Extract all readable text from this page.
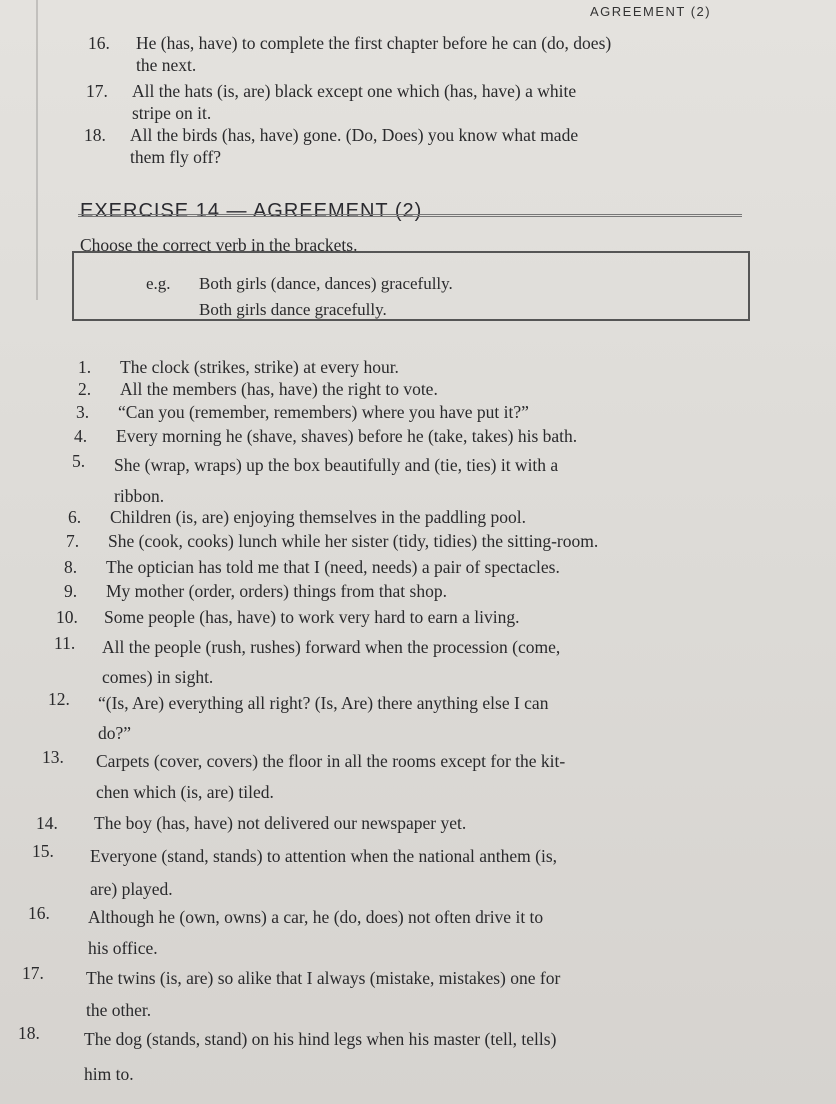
AGREEMENT (2)
16. He (has, have) to complete the first chapter before he can (do, does)
the next.
17. All the hats (is, are) black except one which (has, have) a white
stripe on it.
18. All the birds (has, have) gone. (Do, Does) you know what made
them fly off?
EXERCISE 14 — AGREEMENT (2)
Choose the correct verb in the brackets.
e.g. Both girls (dance, dances) gracefully.
Both girls dance gracefully.
1. The clock (strikes, strike) at every hour.
2. All the members (has, have) the right to vote.
3. “Can you (remember, remembers) where you have put it?”
4. Every morning he (shave, shaves) before he (take, takes) his bath.
5. She (wrap, wraps) up the box beautifully and (tie, ties) it with a
ribbon.
6. Children (is, are) enjoying themselves in the paddling pool.
7. She (cook, cooks) lunch while her sister (tidy, tidies) the sitting-room.
8. The optician has told me that I (need, needs) a pair of spectacles.
9. My mother (order, orders) things from that shop.
10. Some people (has, have) to work very hard to earn a living.
11. All the people (rush, rushes) forward when the procession (come,
comes) in sight.
12. “(Is, Are) everything all right? (Is, Are) there anything else I can
do?”
13. Carpets (cover, covers) the floor in all the rooms except for the kit-
chen which (is, are) tiled.
14. The boy (has, have) not delivered our newspaper yet.
15. Everyone (stand, stands) to attention when the national anthem (is,
are) played.
16. Although he (own, owns) a car, he (do, does) not often drive it to
his office.
17. The twins (is, are) so alike that I always (mistake, mistakes) one for
the other.
18.	The dog (stands, stand) on his hind legs when his master (tell, tells)
him to.
